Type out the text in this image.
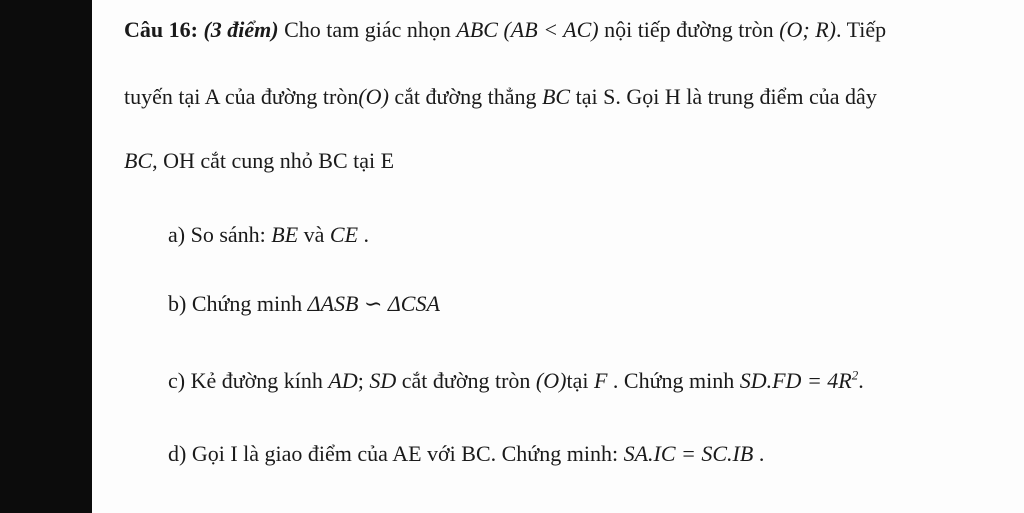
Câu 16: (3 điểm) Cho tam giác nhọn ABC (AB < AC) nội tiếp đường tròn (O; R). Tiếp
tuyến tại A của đường tròn(O) cắt đường thẳng BC tại S. Gọi H là trung điểm của dây
BC, OH cắt cung nhỏ BC tại E
a) So sánh: BE và CE .
b) Chứng minh ΔASB ∽ ΔCSA
c) Kẻ đường kính AD; SD cắt đường tròn (O)tại F . Chứng minh $SD.FD = 4R^2$.
d) Gọi I là giao điểm của AE với BC. Chứng minh: SA.IC = SC.IB .
